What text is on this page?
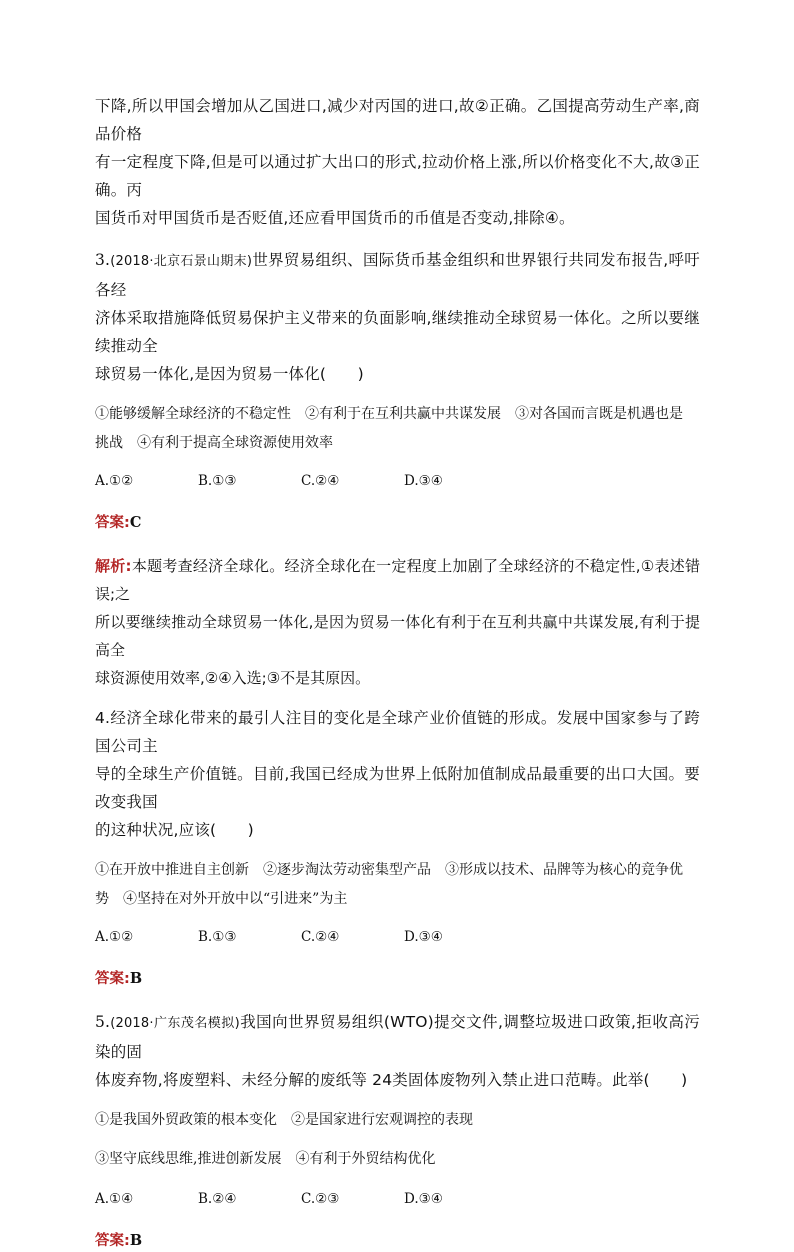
下降,所以甲国会增加从乙国进口,减少对丙国的进口,故②正确。乙国提高劳动生产率,商品价格

有一定程度下降,但是可以通过扩大出口的形式,拉动价格上涨,所以价格变化不大,故③正确。丙

国货币对甲国货币是否贬值,还应看甲国货币的币值是否变动,排除④。

3.(2018·北京石景山期末)世界贸易组织、国际货币基金组织和世界银行共同发布报告,呼吁各经

济体采取措施降低贸易保护主义带来的负面影响,继续推动全球贸易一体化。之所以要继续推动全

球贸易一体化,是因为贸易一体化(　　)

①能够缓解全球经济的不稳定性　②有利于在互利共赢中共谋发展　③对各国而言既是机遇也是

挑战　④有利于提高全球资源使用效率

A.①②	B.①③	C.②④	D.③④

答案:C

解析:本题考查经济全球化。经济全球化在一定程度上加剧了全球经济的不稳定性,①表述错误;之

所以要继续推动全球贸易一体化,是因为贸易一体化有利于在互利共赢中共谋发展,有利于提高全

球资源使用效率,②④入选;③不是其原因。

4.经济全球化带来的最引人注目的变化是全球产业价值链的形成。发展中国家参与了跨国公司主

导的全球生产价值链。目前,我国已经成为世界上低附加值制成品最重要的出口大国。要改变我国

的这种状况,应该(　　)

①在开放中推进自主创新　②逐步淘汰劳动密集型产品　③形成以技术、品牌等为核心的竞争优

势　④坚持在对外开放中以“引进来”为主

A.①②	B.①③	C.②④	D.③④

答案:B

5.(2018·广东茂名模拟)我国向世界贸易组织(WTO)提交文件,调整垃圾进口政策,拒收高污染的固

体废弃物,将废塑料、未经分解的废纸等 24类固体废物列入禁止进口范畴。此举(　　)

①是我国外贸政策的根本变化　②是国家进行宏观调控的表现

③坚守底线思维,推进创新发展　④有利于外贸结构优化

A.①④	B.②④	C.②③	D.③④

答案:B
